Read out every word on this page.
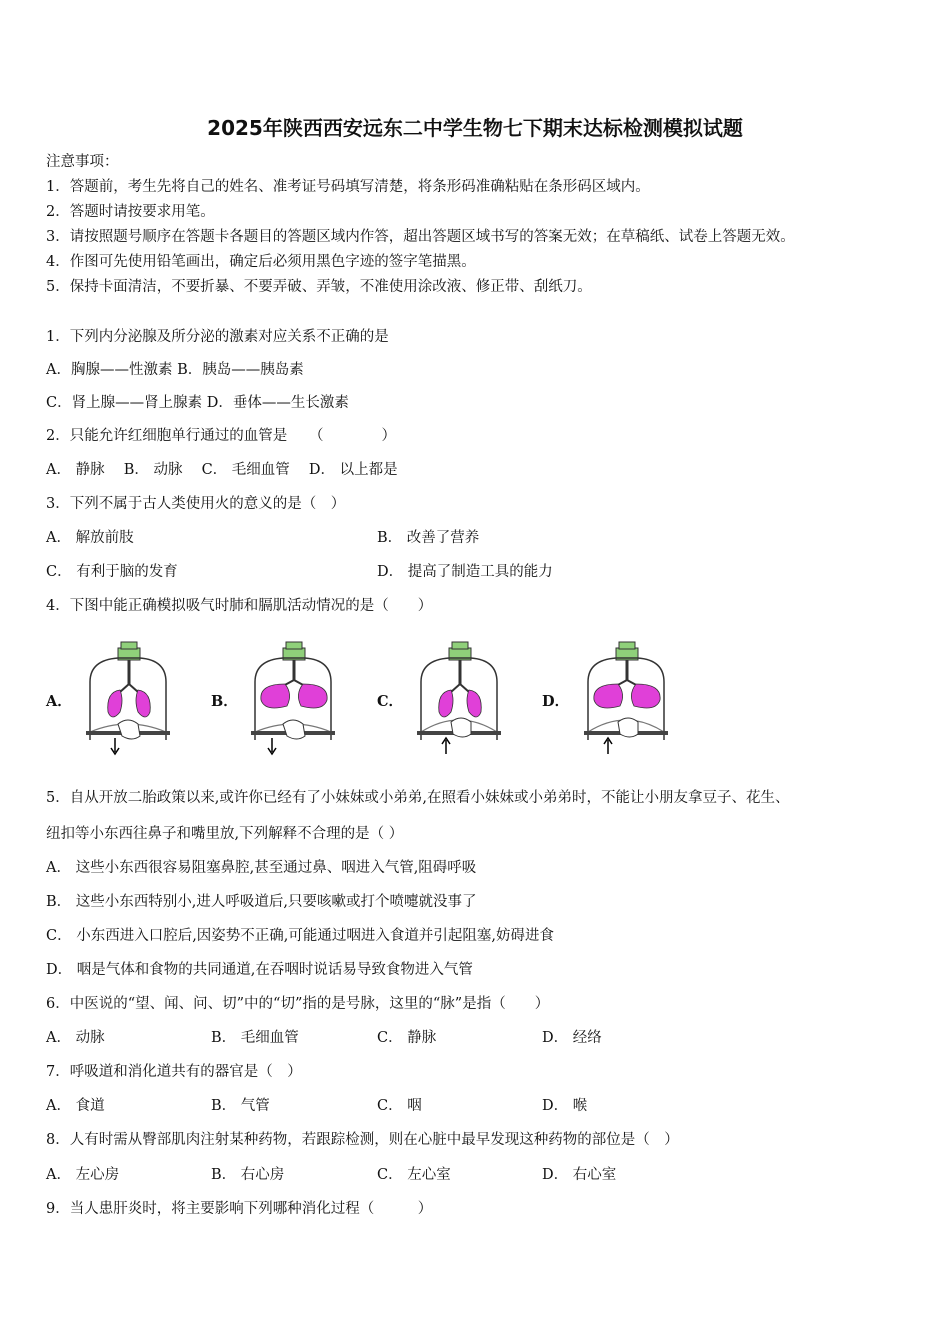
2025年陕西西安远东二中学生物七下期末达标检测模拟试题
注意事项：
1．答题前，考生先将自己的姓名、准考证号码填写清楚，将条形码准确粘贴在条形码区域内。
2．答题时请按要求用笔。
3．请按照题号顺序在答题卡各题目的答题区域内作答，超出答题区域书写的答案无效；在草稿纸、试卷上答题无效。
4．作图可先使用铅笔画出，确定后必须用黑色字迹的签字笔描黑。
5．保持卡面清洁，不要折暴、不要弄破、弄皱，不准使用涂改液、修正带、刮纸刀。
1．下列内分泌腺及所分泌的激素对应关系不正确的是
A．胸腺——性激素 B．胰岛——胰岛素
C．肾上腺——肾上腺素 D．垂体——生长激素
2．只能允许红细胞单行通过的血管是　　（　　　　）
A． 静脉　 B． 动脉　 C． 毛细血管　 D． 以上都是
3．下列不属于古人类使用火的意义的是（　）
A． 解放前肢	B． 改善了营养
C． 有利于脑的发育	D． 提高了制造工具的能力
4．下图中能正确模拟吸气时肺和膈肌活动情况的是（　　）
A．	B．	C．	D．
5．自从开放二胎政策以来,或许你已经有了小妹妹或小弟弟,在照看小妹妹或小弟弟时，不能让小朋友拿豆子、花生、
纽扣等小东西往鼻子和嘴里放,下列解释不合理的是（ ）
A． 这些小东西很容易阻塞鼻腔,甚至通过鼻、咽进入气管,阻碍呼吸
B． 这些小东西特别小,进人呼吸道后,只要咳嗽或打个喷嚏就没事了
C． 小东西进入口腔后,因姿势不正确,可能通过咽进入食道并引起阻塞,妨碍进食
D． 咽是气体和食物的共同通道,在吞咽时说话易导致食物进入气管
6．中医说的“望、闻、问、切”中的“切”指的是号脉，这里的“脉”是指（　　）
A． 动脉	B． 毛细血管	C． 静脉	D． 经络
7．呼吸道和消化道共有的器官是（　）
A． 食道	B． 气管	C． 咽	D． 喉
8．人有时需从臀部肌肉注射某种药物，若跟踪检测，则在心脏中最早发现这种药物的部位是（　）
A． 左心房	B． 右心房	C． 左心室	D． 右心室
9．当人患肝炎时，将主要影响下列哪种消化过程（　　　）
